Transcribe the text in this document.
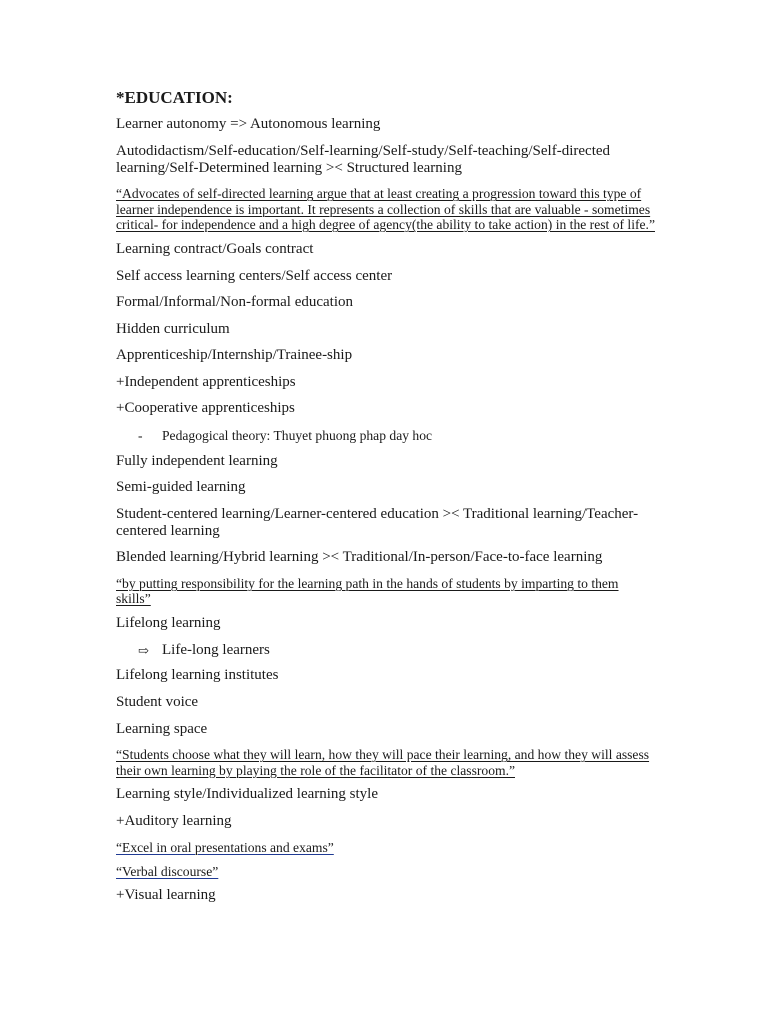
*EDUCATION:
Learner autonomy => Autonomous learning
Autodidactism/Self-education/Self-learning/Self-study/Self-teaching/Self-directed learning/Self-Determined learning >< Structured learning
“Advocates of self-directed learning argue that at least creating a progression toward this type of learner independence is important. It represents a collection of skills that are valuable - sometimes critical- for independence and a high degree of agency(the ability to take action) in the rest of life.”
Learning contract/Goals contract
Self access learning centers/Self access center
Formal/Informal/Non-formal education
Hidden curriculum
Apprenticeship/Internship/Trainee-ship
+Independent apprenticeships
+Cooperative apprenticeships
- Pedagogical theory: Thuyet phuong phap day hoc
Fully independent learning
Semi-guided learning
Student-centered learning/Learner-centered education >< Traditional learning/Teacher-centered learning
Blended learning/Hybrid learning >< Traditional/In-person/Face-to-face learning
“by putting responsibility for the learning path in the hands of students by imparting to them skills”
Lifelong learning
⇨ Life-long learners
Lifelong learning institutes
Student voice
Learning space
“Students choose what they will learn, how they will pace their learning, and how they will assess their own learning by playing the role of the facilitator of the classroom.”
Learning style/Individualized learning style
+Auditory learning
“Excel in oral presentations and exams”
“Verbal discourse”
+Visual learning
